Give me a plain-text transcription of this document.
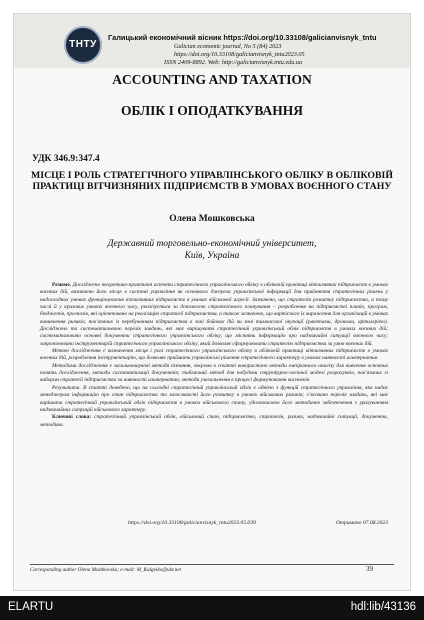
ТНТУ
Галицький економічний вісник https://doi.org/10.33108/galicianvisnyk_tntu
Galician economic journal, No 5 (84) 2023
https://doi.org/10.33108/galicianvisnyk_tntu2023.05
ISSN 2409-8892. Web: http://galicianvisnyk.tntu.edu.ua
ACCOUNTING AND TAXATION
ОБЛІК І ОПОДАТКУВАННЯ
УДК 346.9:347.4
МІСЦЕ І РОЛЬ СТРАТЕГІЧНОГО УПРАВЛІНСЬКОГО ОБЛІКУ В ОБЛІКОВІЙ ПРАКТИЦІ ВІТЧИЗНЯНИХ ПІДПРИЄМСТВ В УМОВАХ ВОЄННОГО СТАНУ
Олена Мошковська
Державний торговельно-економічний університет,
Київ, Україна

Резюме. Досліджено теоретико-практичні аспекти стратегічного управлінського обліку в обліковій практиці вітчизняних підприємств в умовах воєнних дій, визначено його місце в системі управління як основного джерела управлінської інформації для прийняття стратегічних рішень у надскладних умовах функціонування вітчизняних підприємств в умовах військової агресії. Зазначено, що стратегія розвитку підприємства, а тому числі й у кризових умовах воєнного часу, реалізується за допомогою стратегічного планування – розроблення на підприємстві планів, програм, бюджетів, прогнозів, які орієнтовано на реалізацію стратегії підприємства, а також зазначено, що вартісного їх вираження для організацій в умовах виникнення ризиків, пов’язаних із перебуванням підприємства в зоні бойових дій чи зоні тимчасової окупації (ракетами, дронами, артилерією). Досліджено та систематизовано перелік завдань, які має вирішувати стратегічний управлінський облік підприємств в умовах воєнних дій; систематизовано основні документи стратегічного управлінського обліку, що містять інформацію про надзвичайні ситуації воєнного часу; запропоновано інструментарій стратегічного управлінського обліку, який дозволяє сформулювати стратегію підприємства за умов воєнних дій.

Метою дослідження є визначення місця і ролі стратегічного управлінського обліку в обліковій практиці вітчизняних підприємств в умовах воєнних дій, розроблення інструментарію, що дозволяє приймати управлінські рішення стратегічного характеру в умовах наявності альтернатив.

Методами дослідження є загальнонаукові методи пізнання, зокрема в статті використано методи емпіричного аналізу для вивчення основних понять дослідження, методи систематизації документів; табличний метод для побудови структурно-логічної моделі розрахунків, пов’язаних із вибором стратегії підприємства за наявності альтернатив; методи узагальнення в процесі формулювання висновків.

Результати. В статті доведено, що на сьогодні стратегічний управлінський облік є однією з функцій стратегічного управління, яка надає менеджерам інформацію про стан підприємства та можливості його розвитку в умовах військових ризиків; з’ясовано перелік завдань, які має вирішити стратегічний управлінський облік підприємств в умовах військового стану, удосконалено його методичне забезпечення з урахуванням надзвичайних ситуацій військового характеру.

Ключові слова: стратегічний управлінський облік, військовий стан, підприємство, стратегія, ризики, надзвичайні ситуації, документи, методика.

https://doi.org/10.33108/galicianvisnyk_tntu2023.05.039	Отримано 07.08.2023
Corresponding author Olena Moshkovska; e-mail: M_Kulgeiko@ukr.net	39
ELARTU	hdl:lib/43136
